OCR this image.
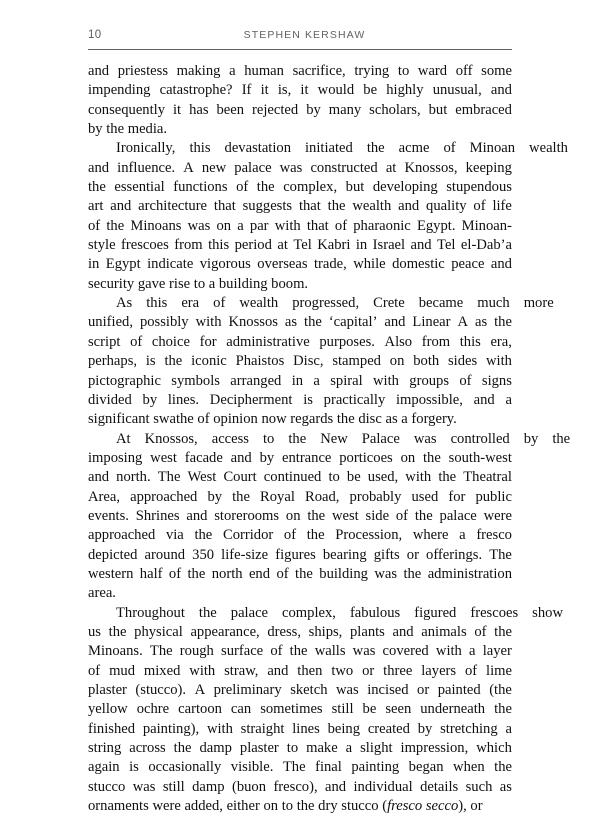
10	STEPHEN KERSHAW
and priestess making a human sacrifice, trying to ward off some
impending catastrophe? If it is, it would be highly unusual, and
consequently it has been rejected by many scholars, but embraced
by the media.
Ironically, this devastation initiated the acme of Minoan wealth
and influence. A new palace was constructed at Knossos, keeping
the essential functions of the complex, but developing stupendous
art and architecture that suggests that the wealth and quality of life
of the Minoans was on a par with that of pharaonic Egypt. Minoan-
style frescoes from this period at Tel Kabri in Israel and Tel el-Dab’a
in Egypt indicate vigorous overseas trade, while domestic peace and
security gave rise to a building boom.
As this era of wealth progressed, Crete became much more
unified, possibly with Knossos as the ‘capital’ and Linear A as the
script of choice for administrative purposes. Also from this era,
perhaps, is the iconic Phaistos Disc, stamped on both sides with
pictographic symbols arranged in a spiral with groups of signs
divided by lines. Decipherment is practically impossible, and a
significant swathe of opinion now regards the disc as a forgery.
At Knossos, access to the New Palace was controlled by the
imposing west facade and by entrance porticoes on the south-west
and north. The West Court continued to be used, with the Theatral
Area, approached by the Royal Road, probably used for public
events. Shrines and storerooms on the west side of the palace were
approached via the Corridor of the Procession, where a fresco
depicted around 350 life-size figures bearing gifts or offerings. The
western half of the north end of the building was the administration
area.
Throughout the palace complex, fabulous figured frescoes show
us the physical appearance, dress, ships, plants and animals of the
Minoans. The rough surface of the walls was covered with a layer
of mud mixed with straw, and then two or three layers of lime
plaster (stucco). A preliminary sketch was incised or painted (the
yellow ochre cartoon can sometimes still be seen underneath the
finished painting), with straight lines being created by stretching a
string across the damp plaster to make a slight impression, which
again is occasionally visible. The final painting began when the
stucco was still damp (buon fresco), and individual details such as
ornaments were added, either on to the dry stucco (fresco secco), or
